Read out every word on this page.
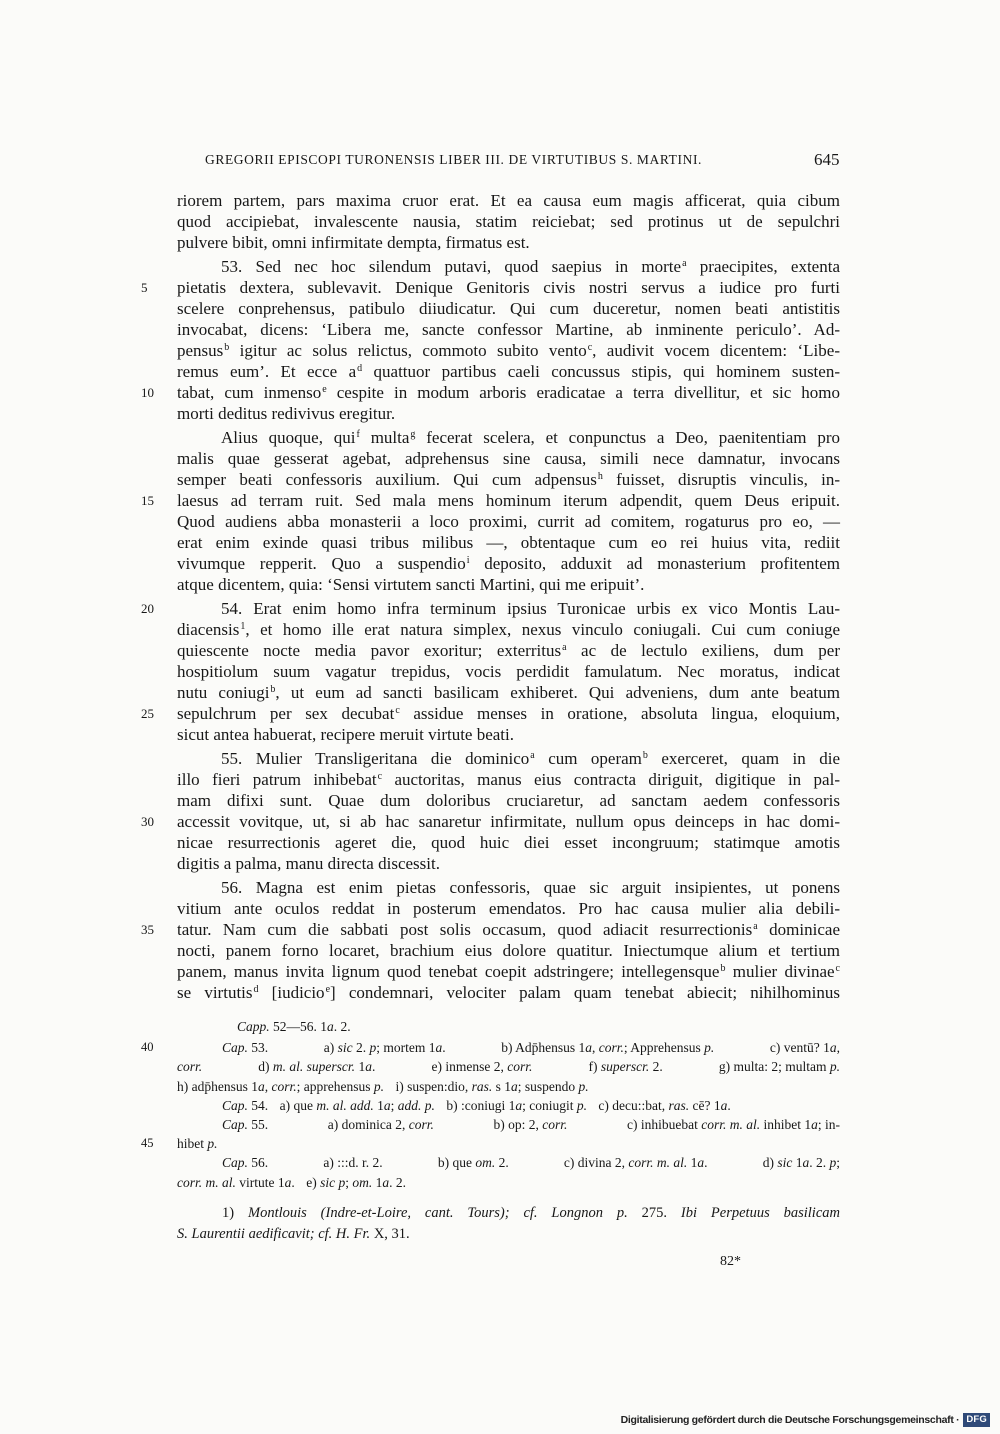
GREGORII EPISCOPI TURONENSIS LIBER III. DE VIRTUTIBUS S. MARTINI.	645
riorem partem, pars maxima cruor erat. Et ea causa eum magis afficerat, quia cibum
quod accipiebat, invalescente nausia, statim reiciebat; sed protinus ut de sepulchri
pulvere bibit, omni infirmitate dempta, firmatus est.
53. Sed nec hoc silendum putavi, quod saepius in morte$^a$ praecipites, extenta
5	pietatis dextera, sublevavit. Denique Genitoris civis nostri servus a iudice pro furti
scelere conprehensus, patibulo diiudicatur. Qui cum duceretur, nomen beati antistitis
invocabat, dicens: ‘Libera me, sancte confessor Martine, ab inminente periculo’. Ad-
pensus$^b$ igitur ac solus relictus, commoto subito vento$^c$, audivit vocem dicentem: ‘Libe-
remus eum’. Et ecce $a^d$ quattuor partibus caeli concussus stipis, qui hominem susten-
10	tabat, cum inmenso$^e$ cespite in modum arboris eradicatae a terra divellitur, et sic homo
morti deditus redivivus eregitur.
Alius quoque, qui$^f$ multa$^g$ fecerat scelera, et conpunctus a Deo, paenitentiam pro
malis quae gesserat agebat, adprehensus sine causa, simili nece damnatur, invocans
semper beati confessoris auxilium. Qui cum adpensus$^h$ fuisset, disruptis vinculis, in-
15	laesus ad terram ruit. Sed mala mens hominum iterum adpendit, quem Deus eripuit.
Quod audiens abba monasterii a loco proximi, currit ad comitem, rogaturus pro eo, —
erat enim exinde quasi tribus milibus —, obtentaque cum eo rei huius vita, rediit
vivumque repperit. Quo a suspendio$^i$ deposito, adduxit ad monasterium profitentem
atque dicentem, quia: ‘Sensi virtutem sancti Martini, qui me eripuit’.
20	54. Erat enim homo infra terminum ipsius Turonicae urbis ex vico Montis Lau-
diacensis$^1$, et homo ille erat natura simplex, nexus vinculo coniugali. Cui cum coniuge
quiescente nocte media pavor exoritur; exterritus$^a$ ac de lectulo exiliens, dum per
hospitiolum suum vagatur trepidus, vocis perdidit famulatum. Nec moratus, indicat
nutu coniugi$^b$, ut eum ad sancti basilicam exhiberet. Qui adveniens, dum ante beatum
25	sepulchrum per sex decubat$^c$ assidue menses in oratione, absoluta lingua, eloquium,
sicut antea habuerat, recipere meruit virtute beati.
55. Mulier Transligeritana die dominico$^a$ cum operam$^b$ exerceret, quam in die
illo fieri patrum inhibebat$^c$ auctoritas, manus eius contracta diriguit, digitique in pal-
mam difixi sunt. Quae dum doloribus cruciaretur, ad sanctam aedem confessoris
30	accessit vovitque, ut, si ab hac sanaretur infirmitate, nullum opus deinceps in hac domi-
nicae resurrectionis ageret die, quod huic diei esset incongruum; statimque amotis
digitis a palma, manu directa discessit.
56. Magna est enim pietas confessoris, quae sic arguit insipientes, ut ponens
vitium ante oculos reddat in posterum emendatos. Pro hac causa mulier alia debili-
35	tatur. Nam cum die sabbati post solis occasum, quod adiacit resurrectionis$^a$ dominicae
nocti, panem forno locaret, brachium eius dolore quatitur. Iniectumque alium et tertium
panem, manus invita lignum quod tenebat coepit adstringere; intellegensque$^b$ mulier divinae$^c$
se virtutis$^d$ [iudicio$^e$] condemnari, velociter palam quam tenebat abiecit; nihilhominus
Capp. 52—56. 1a. 2.
40	Cap. 53.	a) sic 2. p; mortem 1a.	b) Adp̄hensus 1a, corr.; Apprehensus p.	c) ventū? 1a,
corr.	d) m. al. superscr. 1a.	e) inmense 2, corr.	f) superscr. 2.	g) multa: 2; multam p.
h) adp̄hensus 1a, corr.; apprehensus p. i) suspen:dio, ras. s 1a; suspendo p.
Cap. 54. a) que m. al. add. 1a; add. p. b) :coniugi 1a; coniugit p. c) decu::bat, ras. cē? 1a.
Cap. 55.	a) dominica 2, corr.	b) op: 2, corr.	c) inhibuebat corr. m. al. inhibet 1a; in-
45	hibet p.
Cap. 56.	a) :::d. r. 2.	b) que om. 2.	c) divina 2, corr. m. al. 1a.	d) sic 1a. 2. p;
corr. m. al. virtute 1a. e) sic p; om. 1a. 2.
1) Montlouis (Indre-et-Loire, cant. Tours); cf. Longnon p. 275. Ibi Perpetuus basilicam
S. Laurentii aedificavit; cf. H. Fr. X, 31.
82*
Digitalisierung gefördert durch die Deutsche Forschungsgemeinschaft · DFG
